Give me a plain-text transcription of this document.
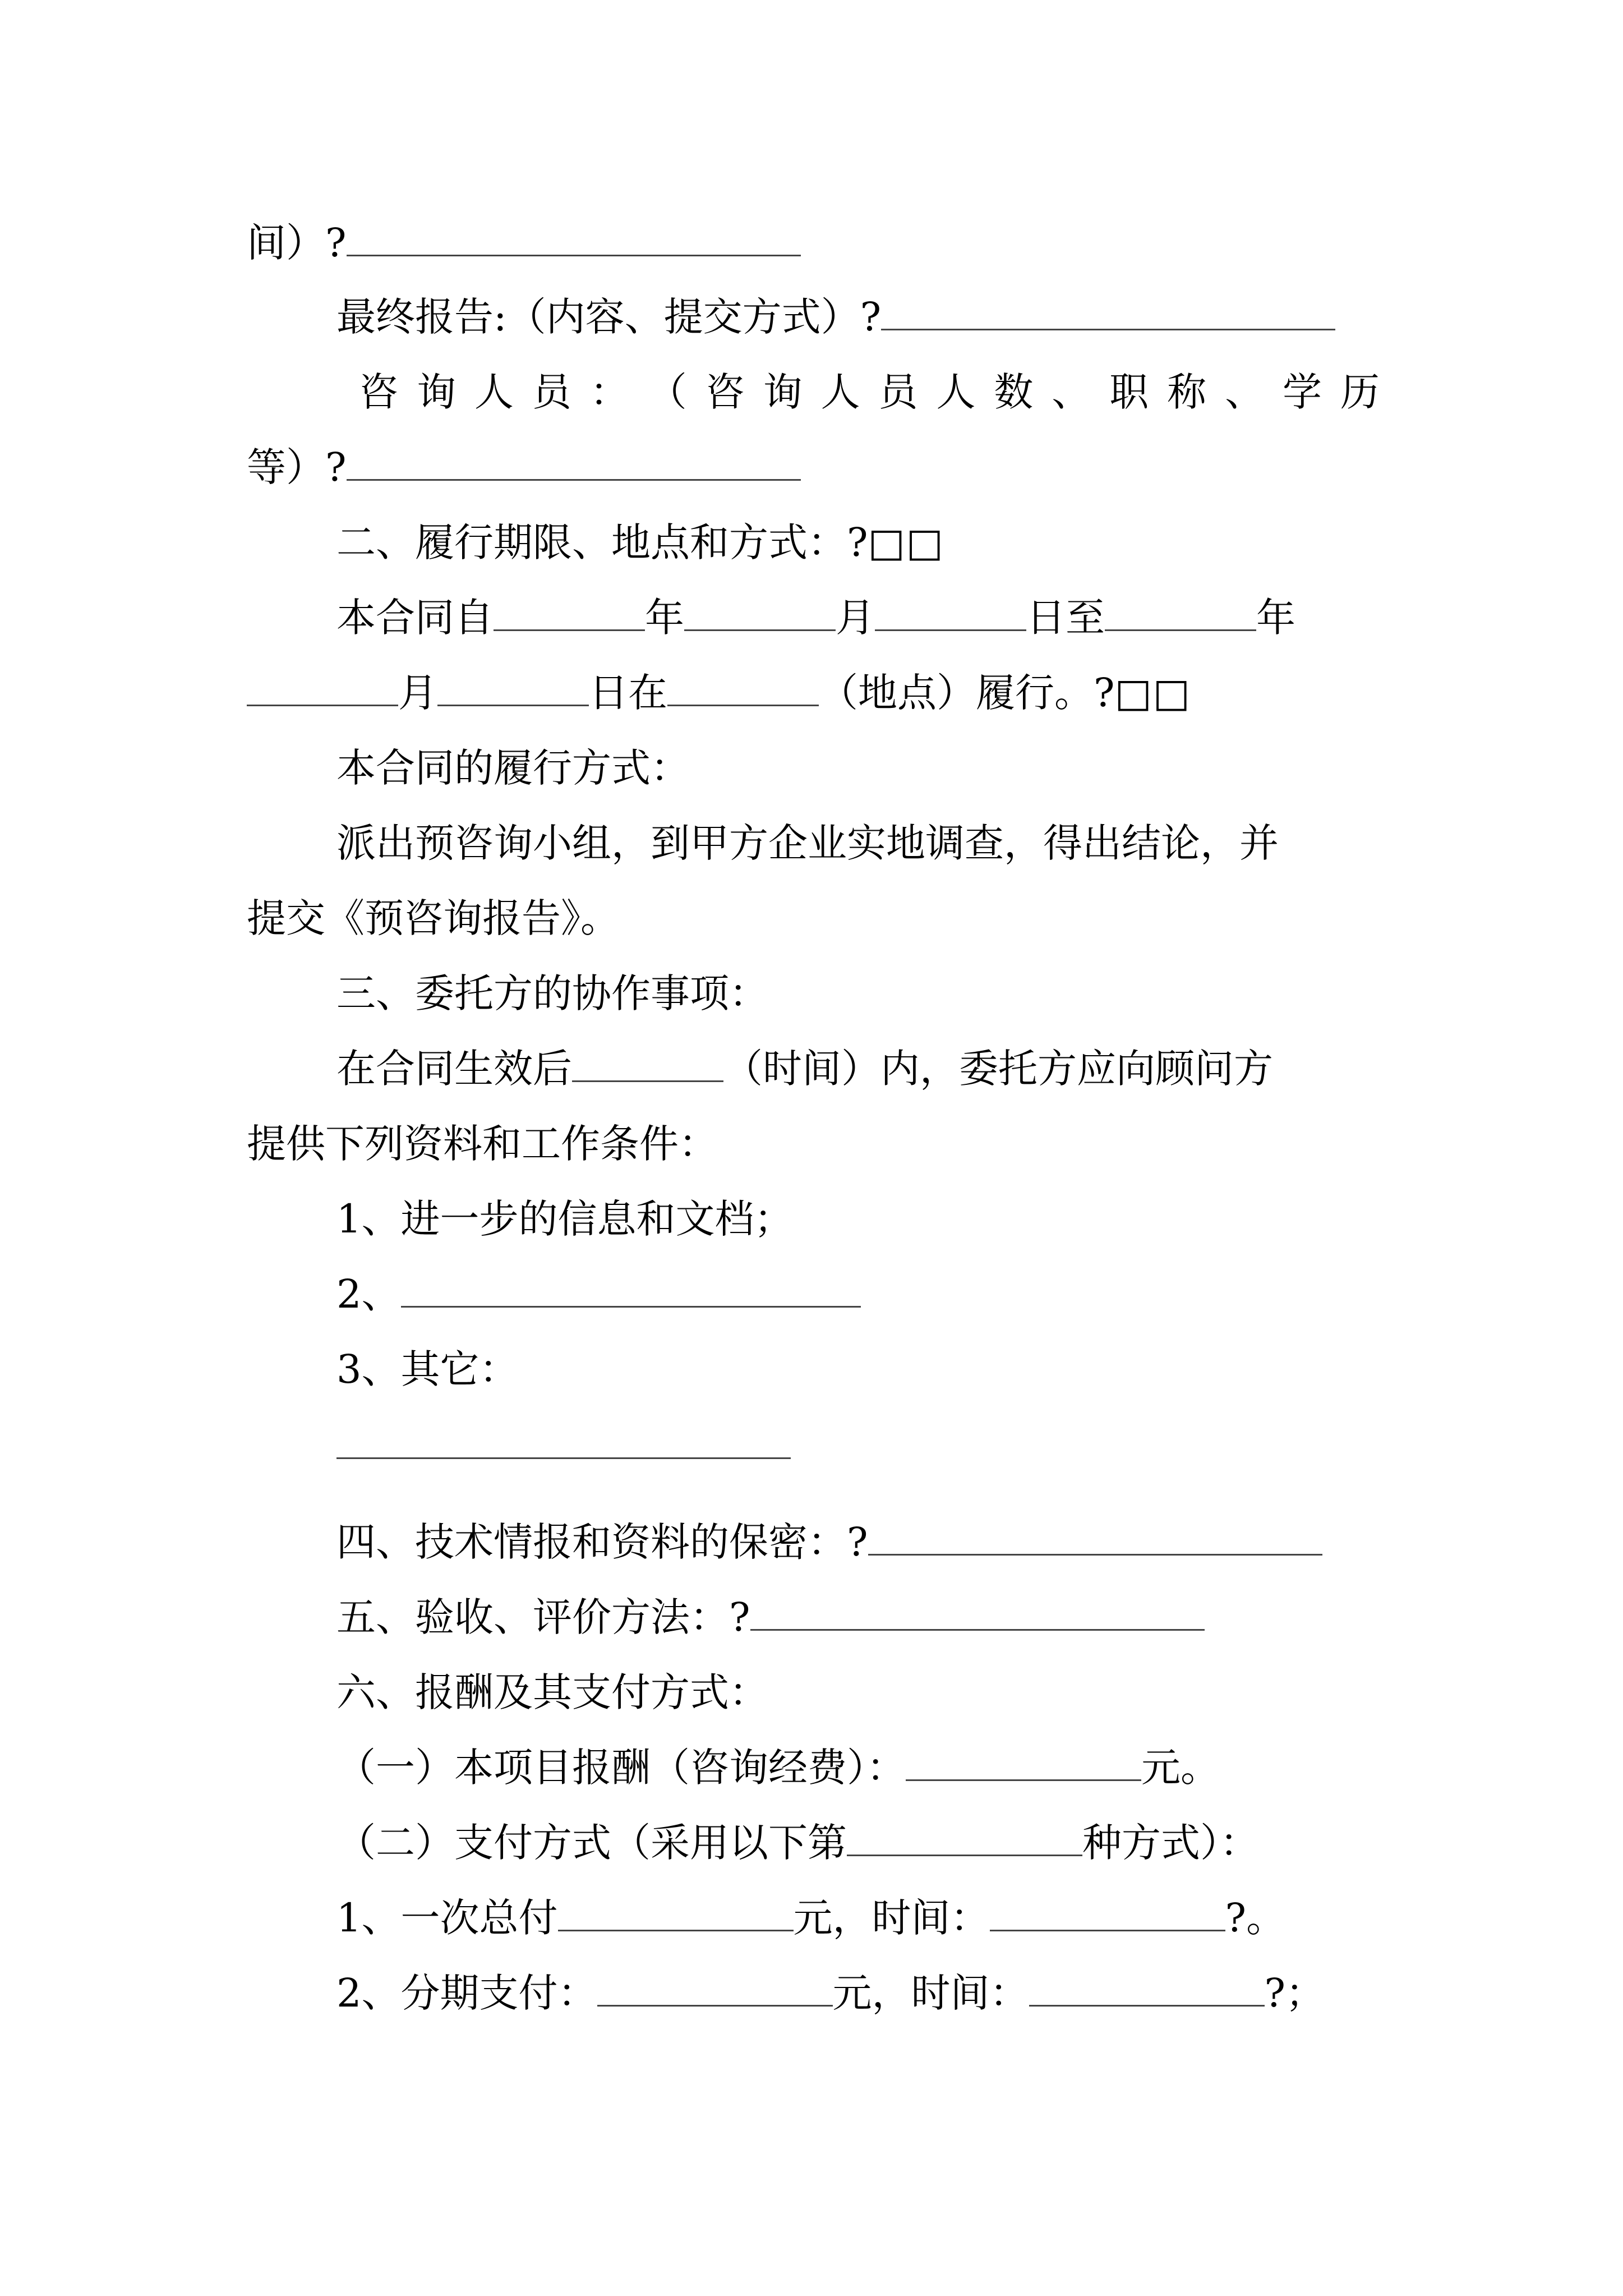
间）?
最终报告:（内容、提交方式）?
咨 询 人 员 ： （ 咨 询 人 员 人 数 、 职 称 、 学 历
等）?
二、履行期限、地点和方式：?□□
本合同自	年	月	日至	年
月	日在	（地点）履行。?□□
本合同的履行方式：
派出预咨询小组，到甲方企业实地调查，得出结论，并
提交《预咨询报告》。
三、委托方的协作事项：
在合同生效后	（时间）内，委托方应向顾问方
提供下列资料和工作条件：
1、进一步的信息和文档；
2、
3、其它：
四、技术情报和资料的保密：?
五、验收、评价方法：?
六、报酬及其支付方式：
（一）本项目报酬（咨询经费）：	元。
（二）支付方式（采用以下第	种方式）：
1、一次总付	元，时间：	?。
2、分期支付：	元，时间：	?；
